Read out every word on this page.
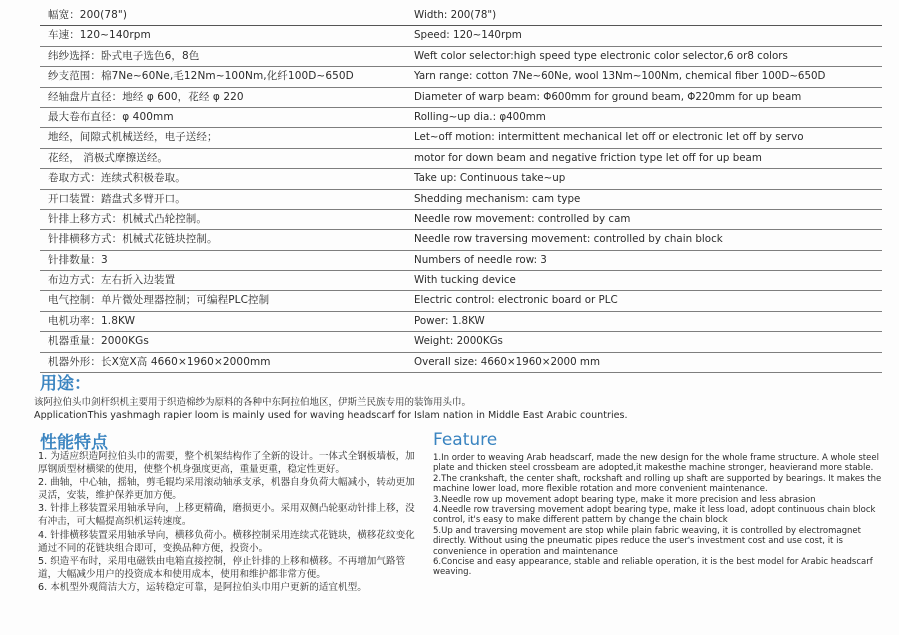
幅宽：200(78")	Width: 200(78")
车速：120~140rpm	Speed: 120~140rpm
纬纱选择：卧式电子选色6，8色	Weft color selector:high speed type electronic color selector,6 or8 colors
纱支范围：棉7Ne~60Ne,毛12Nm~100Nm,化纤100D~650D	Yarn range: cotton 7Ne~60Ne, wool 13Nm~100Nm, chemical fiber 100D~650D
经轴盘片直径：地经 φ 600，花经 φ 220	Diameter of warp beam: Φ600mm for ground beam, Φ220mm for up beam
最大卷布直径：φ 400mm	Rolling~up dia.: φ400mm
地经，间隙式机械送经，电子送经；	Let~off motion: intermittent mechanical let off or electronic let off by servo
花经， 消极式摩擦送经。	motor for down beam and negative friction type let off for up beam
卷取方式：连续式积极卷取。	Take up: Continuous take~up
开口装置：踏盘式多臂开口。	Shedding mechanism: cam type
针排上移方式：机械式凸轮控制。	Needle row movement: controlled by cam
针排横移方式：机械式花链块控制。	Needle row traversing movement: controlled by chain block
针排数量：3	Numbers of needle row: 3
布边方式：左右折入边装置	With tucking device
电气控制：单片微处理器控制；可编程PLC控制	Electric control: electronic board or PLC
电机功率：1.8KW	Power: 1.8KW
机器重量：2000KGs	Weight: 2000KGs
机器外形：长X宽X高 4660×1960×2000mm	Overall size: 4660×1960×2000 mm
用途：
该阿拉伯头巾剑杆织机主要用于织造棉纱为原料的各种中东阿拉伯地区，伊斯兰民族专用的装饰用头巾。
ApplicationThis yashmagh rapier loom is mainly used for waving headscarf for Islam nation in Middle East Arabic countries.
性能特点	Feature

1. 为适应织造阿拉伯头巾的需要，整个机架结构作了全新的设计。一体式全钢板墙板，加厚钢质型材横梁的使用，使整个机身强度更高，重量更重，稳定性更好。

2. 曲轴，中心轴，摇轴，剪毛辊均采用滚动轴承支承，机器自身负荷大幅减小，转动更加灵活，安装，维护保养更加方便。

3. 针排上移装置采用轴承导向，上移更精确，磨损更小。采用双侧凸轮驱动针排上移，没有冲击，可大幅提高织机运转速度。

4. 针排横移装置采用轴承导向，横移负荷小。横移控制采用连续式花链块，横移花纹变化通过不同的花链块组合即可，变换品种方便，投资小。

5. 织造平布时，采用电磁铁由电箱直接控制，停止针排的上移和横移。不再增加气路管道，大幅减少用户的投资成本和使用成本，使用和维护都非常方便。

6. 本机型外观简洁大方，运转稳定可靠，是阿拉伯头巾用户更新的适宜机型。

1.In order to weaving Arab headscarf, made the new design for the whole frame structure. A whole steel plate and thicken steel crossbeam are adopted,it makesthe machine stronger, heavierand more stable.

2.The crankshaft, the center shaft, rockshaft and rolling up shaft are supported by bearings. It makes the machine lower load, more flexible rotation and more convenient maintenance.

3.Needle row up movement adopt bearing type, make it more precision and less abrasion

4.Needle row traversing movement adopt bearing type, make it less load, adopt continuous chain block control, it's easy to make different pattern by change the chain block

5.Up and traversing movement are stop while plain fabric weaving, it is controlled by electromagnet directly. Without using the pneumatic pipes reduce the user's investment cost and use cost, it is convenience in operation and maintenance

6.Concise and easy appearance, stable and reliable operation, it is the best model for Arabic headscarf weaving.
